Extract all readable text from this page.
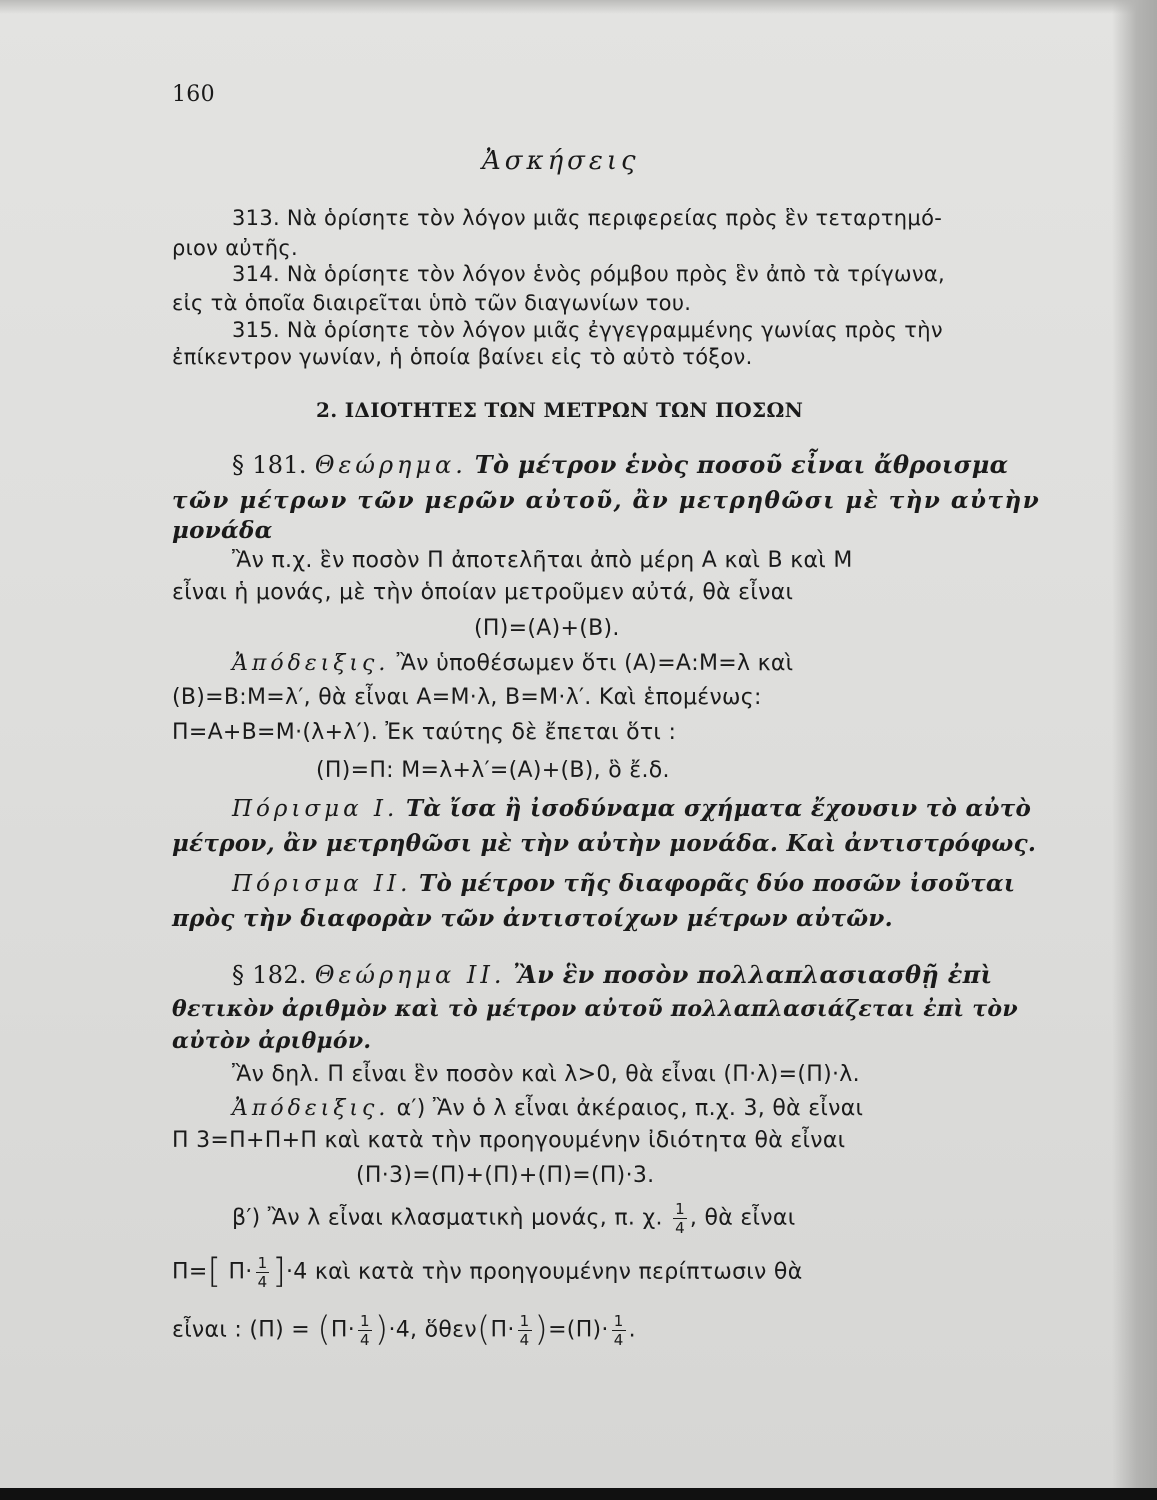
160
Ἀσκήσεις
313. Νὰ ὁρίσητε τὸν λόγον μιᾶς περιφερείας πρὸς ἓν τεταρτημό-
ριον αὐτῆς.
314. Νὰ ὁρίσητε τὸν λόγον ἑνὸς ρόμβου πρὸς ἓν ἀπὸ τὰ τρίγωνα,
εἰς τὰ ὁποῖα διαιρεῖται ὑπὸ τῶν διαγωνίων του.
315. Νὰ ὁρίσητε τὸν λόγον μιᾶς ἐγγεγραμμένης γωνίας πρὸς τὴν
ἐπίκεντρον γωνίαν, ἡ ὁποία βαίνει εἰς τὸ αὐτὸ τόξον.
2. ΙΔΙΟΤΗΤΕΣ ΤΩΝ ΜΕΤΡΩΝ ΤΩΝ ΠΟΣΩΝ
§ 181. Θεώρημα. Τὸ μέτρον ἑνὸς ποσοῦ εἶναι ἄθροισμα
τῶν μέτρων τῶν μερῶν αὐτοῦ, ἂν μετρηθῶσι μὲ τὴν αὐτὴν
μονάδα
Ἂν π.χ. ἓν ποσὸν Π ἀποτελῆται ἀπὸ μέρη Α καὶ Β καὶ Μ
εἶναι ἡ μονάς, μὲ τὴν ὁποίαν μετροῦμεν αὐτά, θὰ εἶναι
(Π)=(Α)+(Β).
Ἀπόδειξις. Ἂν ὑποθέσωμεν ὅτι (Α)=Α:Μ=λ καὶ
(Β)=Β:Μ=λ′, θὰ εἶναι Α=Μ·λ, Β=Μ·λ′. Καὶ ἑπομένως:
Π=Α+Β=Μ·(λ+λ′). Ἐκ ταύτης δὲ ἔπεται ὅτι :
(Π)=Π: Μ=λ+λ′=(Α)+(Β), ὃ ἔ.δ.
Πόρισμα Ι. Τὰ ἴσα ἢ ἰσοδύναμα σχήματα ἔχουσιν τὸ αὐτὸ
μέτρον, ἂν μετρηθῶσι μὲ τὴν αὐτὴν μονάδα. Καὶ ἀντιστρόφως.
Πόρισμα ΙΙ. Τὸ μέτρον τῆς διαφορᾶς δύο ποσῶν ἰσοῦται
πρὸς τὴν διαφορὰν τῶν ἀντιστοίχων μέτρων αὐτῶν.
§ 182. Θεώρημα ΙΙ. Ἂν ἓν ποσὸν πολλαπλασιασθῇ ἐπὶ
θετικὸν ἀριθμὸν καὶ τὸ μέτρον αὐτοῦ πολλαπλασιάζεται ἐπὶ τὸν
αὐτὸν ἀριθμόν.
Ἂν δηλ. Π εἶναι ἓν ποσὸν καὶ λ>0, θὰ εἶναι (Π·λ)=(Π)·λ.
Ἀπόδειξις. α′) Ἂν ὁ λ εἶναι ἀκέραιος, π.χ. 3, θὰ εἶναι
Π 3=Π+Π+Π καὶ κατὰ τὴν προηγουμένην ἰδιότητα θὰ εἶναι
(Π·3)=(Π)+(Π)+(Π)=(Π)·3.
β′) Ἂν λ εἶναι κλασματικὴ μονάς, π. χ. $\frac{1}{4}$ , θὰ εἶναι
Π=[ $\Pi\cdot \frac{1}{4} ]\cdot 4$ καὶ κατὰ τὴν προηγουμένην περίπτωσιν θὰ
εἶναι : $(\Pi) = (\Pi\cdot \frac{1}{4} )\cdot 4$, ὅθεν(Π· $\frac{1}{4} )=(\Pi)\cdot \frac{1}{4}$ .
